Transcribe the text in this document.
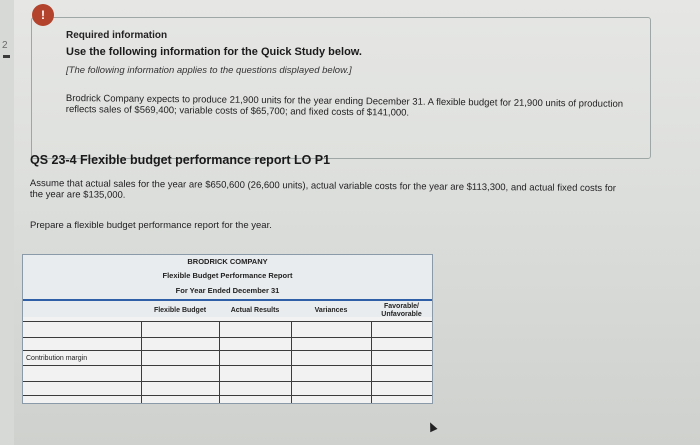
2
Required information
Use the following information for the Quick Study below.
[The following information applies to the questions displayed below.]
Brodrick Company expects to produce 21,900 units for the year ending December 31. A flexible budget for 21,900 units of production reflects sales of $569,400; variable costs of $65,700; and fixed costs of $141,000.
!
QS 23-4 Flexible budget performance report LO P1
Assume that actual sales for the year are $650,600 (26,600 units), actual variable costs for the year are $113,300, and actual fixed costs for the year are $135,000.
Prepare a flexible budget performance report for the year.
BRODRICK COMPANY
Flexible Budget Performance Report
For Year Ended December 31
Flexible Budget	Actual Results	Variances
Favorable/ Unfavorable
Contribution margin
